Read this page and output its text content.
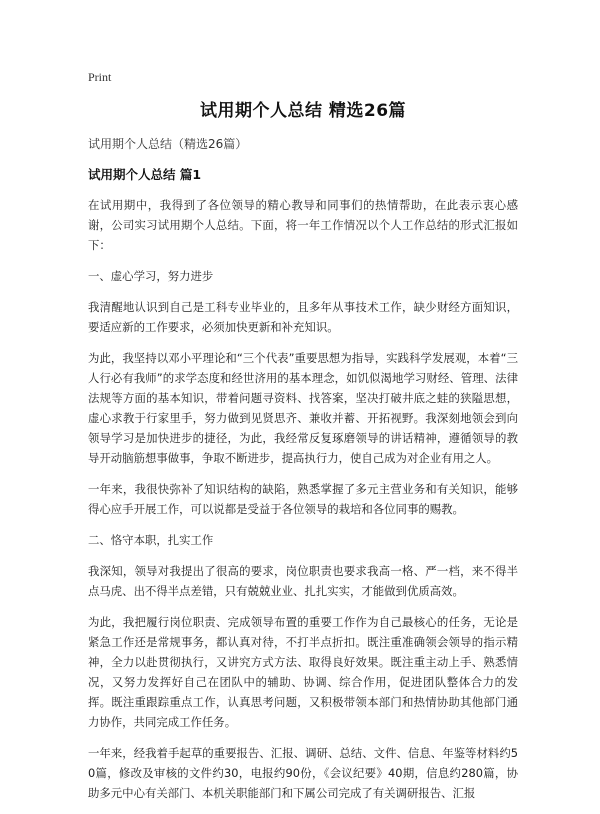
Print
试用期个人总结 精选26篇

试用期个人总结（精选26篇）

试用期个人总结 篇1

在试用期中，我得到了各位领导的精心教导和同事们的热情帮助，在此表示衷心感谢，公司实习试用期个人总结。下面，将一年工作情况以个人工作总结的形式汇报如下：

一、虚心学习，努力进步

我清醒地认识到自己是工科专业毕业的，且多年从事技术工作，缺少财经方面知识，要适应新的工作要求，必须加快更新和补充知识。

为此，我坚持以邓小平理论和“三个代表”重要思想为指导，实践科学发展观，本着“三人行必有我师”的求学态度和经世济用的基本理念，如饥似渴地学习财经、管理、法律法规等方面的基本知识，带着问题寻资料、找答案，坚决打破井底之蛙的狭隘思想，虚心求教于行家里手，努力做到见贤思齐、兼收并蓄、开拓视野。我深刻地领会到向领导学习是加快进步的捷径，为此，我经常反复琢磨领导的讲话精神，遵循领导的教导开动脑筋想事做事，争取不断进步，提高执行力，使自己成为对企业有用之人。

一年来，我很快弥补了知识结构的缺陷，熟悉掌握了多元主营业务和有关知识，能够得心应手开展工作，可以说都是受益于各位领导的栽培和各位同事的赐教。

二、恪守本职，扎实工作

我深知，领导对我提出了很高的要求，岗位职责也要求我高一格、严一档，来不得半点马虎、出不得半点差错，只有兢兢业业、扎扎实实，才能做到优质高效。

为此，我把履行岗位职责、完成领导布置的重要工作作为自己最核心的任务，无论是紧急工作还是常规事务，都认真对待，不打半点折扣。既注重准确领会领导的指示精神，全力以赴贯彻执行，又讲究方式方法、取得良好效果。既注重主动上手、熟悉情况，又努力发挥好自己在团队中的辅助、协调、综合作用，促进团队整体合力的发挥。既注重跟踪重点工作，认真思考问题，又积极带领本部门和热情协助其他部门通力协作，共同完成工作任务。

一年来，经我着手起草的重要报告、汇报、调研、总结、文件、信息、年鉴等材料约50篇，修改及审核的文件约30，电报约90份，《会议纪要》40期，信息约280篇，协助多元中心有关部门、本机关职能部门和下属公司完成了有关调研报告、汇报
